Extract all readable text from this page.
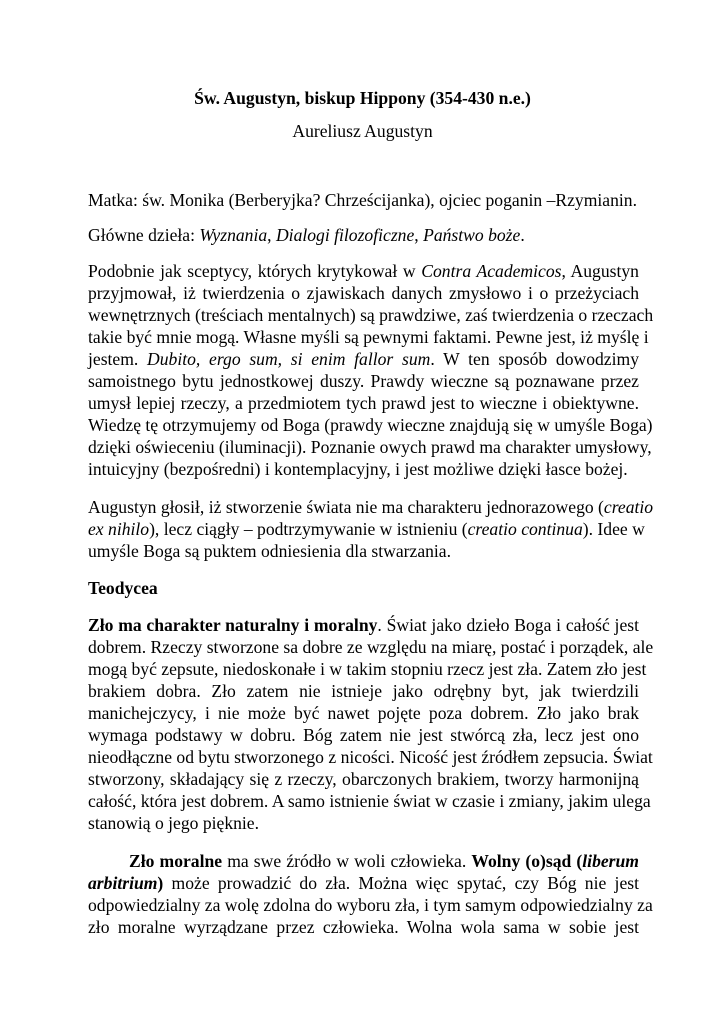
Św. Augustyn, biskup Hippony (354-430 n.e.)
Aureliusz Augustyn
Matka: św. Monika (Berberyjka? Chrześcijanka), ojciec poganin –Rzymianin.
Główne dzieła: Wyznania, Dialogi filozoficzne, Państwo boże.
Podobnie jak sceptycy, których krytykował w Contra Academicos, Augustyn
przyjmował, iż twierdzenia o zjawiskach danych zmysłowo i o przeżyciach
wewnętrznych (treściach mentalnych) są prawdziwe, zaś twierdzenia o rzeczach
takie być mnie mogą. Własne myśli są pewnymi faktami. Pewne jest, iż myślę i
jestem. Dubito, ergo sum, si enim fallor sum. W ten sposób dowodzimy
samoistnego bytu jednostkowej duszy. Prawdy wieczne są poznawane przez
umysł lepiej rzeczy, a przedmiotem tych prawd jest to wieczne i obiektywne.
Wiedzę tę otrzymujemy od Boga (prawdy wieczne znajdują się w umyśle Boga)
dzięki oświeceniu (iluminacji). Poznanie owych prawd ma charakter umysłowy,
intuicyjny (bezpośredni) i kontemplacyjny, i jest możliwe dzięki łasce bożej.
Augustyn głosił, iż stworzenie świata nie ma charakteru jednorazowego (creatio
ex nihilo), lecz ciągły – podtrzymywanie w istnieniu (creatio continua). Idee w
umyśle Boga są puktem odniesienia dla stwarzania.
Teodycea
Zło ma charakter naturalny i moralny. Świat jako dzieło Boga i całość jest
dobrem. Rzeczy stworzone sa dobre ze względu na miarę, postać i porządek, ale
mogą być zepsute, niedoskonałe i w takim stopniu rzecz jest zła. Zatem zło jest
brakiem dobra. Zło zatem nie istnieje jako odrębny byt, jak twierdzili
manichejczycy, i nie może być nawet pojęte poza dobrem. Zło jako brak
wymaga podstawy w dobru. Bóg zatem nie jest stwórcą zła, lecz jest ono
nieodłączne od bytu stworzonego z nicości. Nicość jest źródłem zepsucia. Świat
stworzony, składający się z rzeczy, obarczonych brakiem, tworzy harmonijną
całość, która jest dobrem. A samo istnienie świat w czasie i zmiany, jakim ulega
stanowią o jego pięknie.
Zło moralne ma swe źródło w woli człowieka. Wolny (o)sąd (liberum
arbitrium) może prowadzić do zła. Można więc spytać, czy Bóg nie jest
odpowiedzialny za wolę zdolna do wyboru zła, i tym samym odpowiedzialny za
zło moralne wyrządzane przez człowieka. Wolna wola sama w sobie jest
